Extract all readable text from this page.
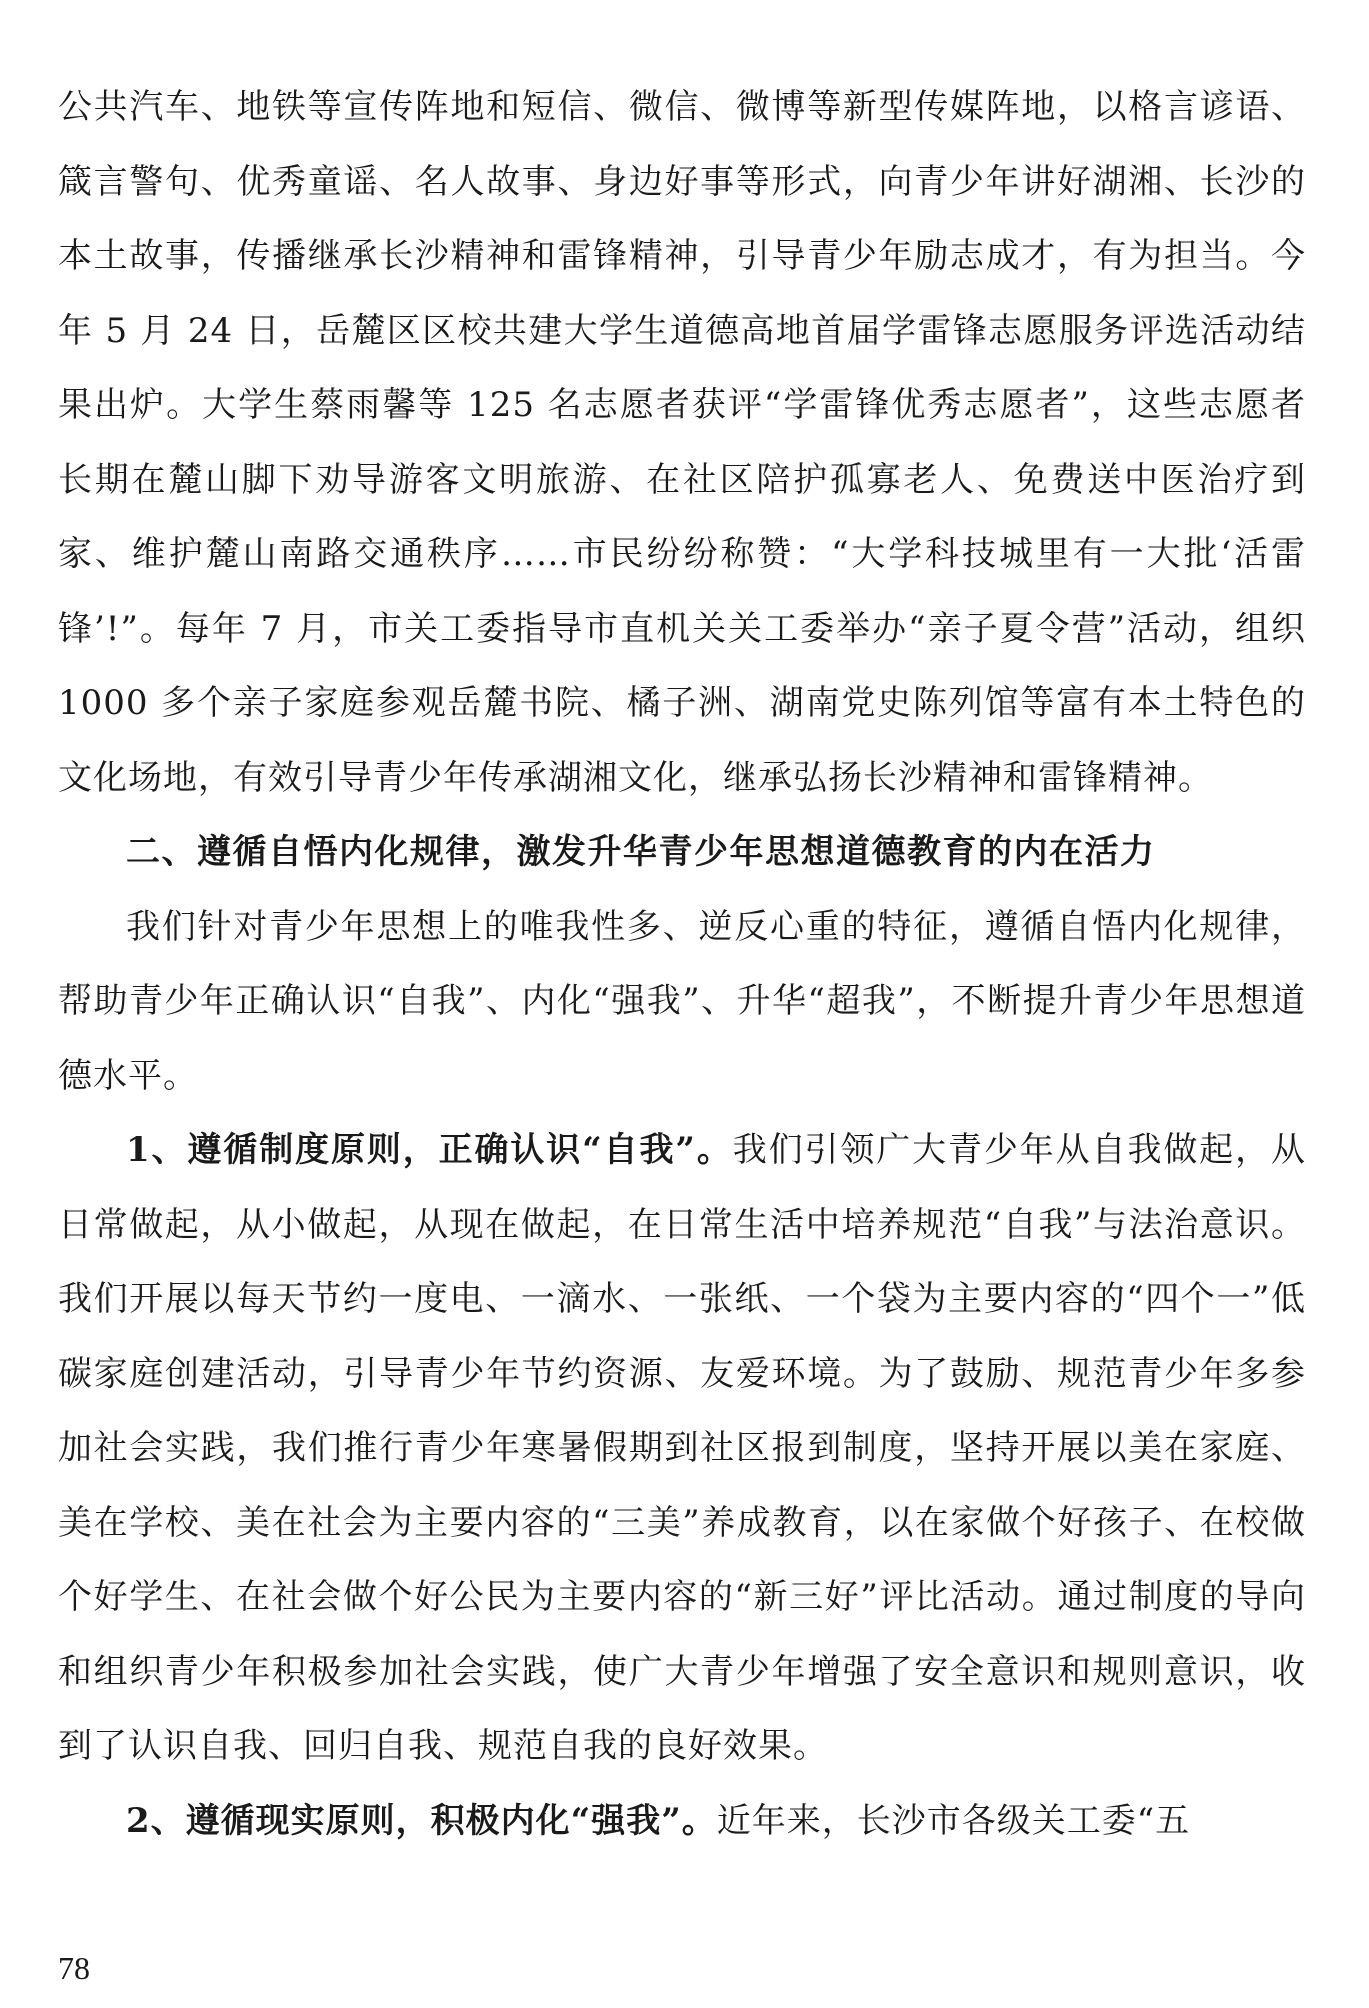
公共汽车、地铁等宣传阵地和短信、微信、微博等新型传媒阵地，以格言谚语、箴言警句、优秀童谣、名人故事、身边好事等形式，向青少年讲好湖湘、长沙的本土故事，传播继承长沙精神和雷锋精神，引导青少年励志成才，有为担当。今年 5 月 24 日，岳麓区区校共建大学生道德高地首届学雷锋志愿服务评选活动结果出炉。大学生蔡雨馨等 125 名志愿者获评“学雷锋优秀志愿者”，这些志愿者长期在麓山脚下劝导游客文明旅游、在社区陪护孤寡老人、免费送中医治疗到家、维护麓山南路交通秩序……市民纷纷称赞：“大学科技城里有一大批‘活雷锋’!”。每年 7 月，市关工委指导市直机关关工委举办“亲子夏令营”活动，组织 1000 多个亲子家庭参观岳麓书院、橘子洲、湖南党史陈列馆等富有本土特色的文化场地，有效引导青少年传承湖湘文化，继承弘扬长沙精神和雷锋精神。

二、遵循自悟内化规律，激发升华青少年思想道德教育的内在活力

我们针对青少年思想上的唯我性多、逆反心重的特征，遵循自悟内化规律，帮助青少年正确认识“自我”、内化“强我”、升华“超我”，不断提升青少年思想道德水平。

1、遵循制度原则，正确认识“自我”。我们引领广大青少年从自我做起，从日常做起，从小做起，从现在做起，在日常生活中培养规范“自我”与法治意识。我们开展以每天节约一度电、一滴水、一张纸、一个袋为主要内容的“四个一”低碳家庭创建活动，引导青少年节约资源、友爱环境。为了鼓励、规范青少年多参加社会实践，我们推行青少年寒暑假期到社区报到制度，坚持开展以美在家庭、美在学校、美在社会为主要内容的“三美”养成教育，以在家做个好孩子、在校做个好学生、在社会做个好公民为主要内容的“新三好”评比活动。通过制度的导向和组织青少年积极参加社会实践，使广大青少年增强了安全意识和规则意识，收到了认识自我、回归自我、规范自我的良好效果。

2、遵循现实原则，积极内化“强我”。近年来，长沙市各级关工委“五

78
